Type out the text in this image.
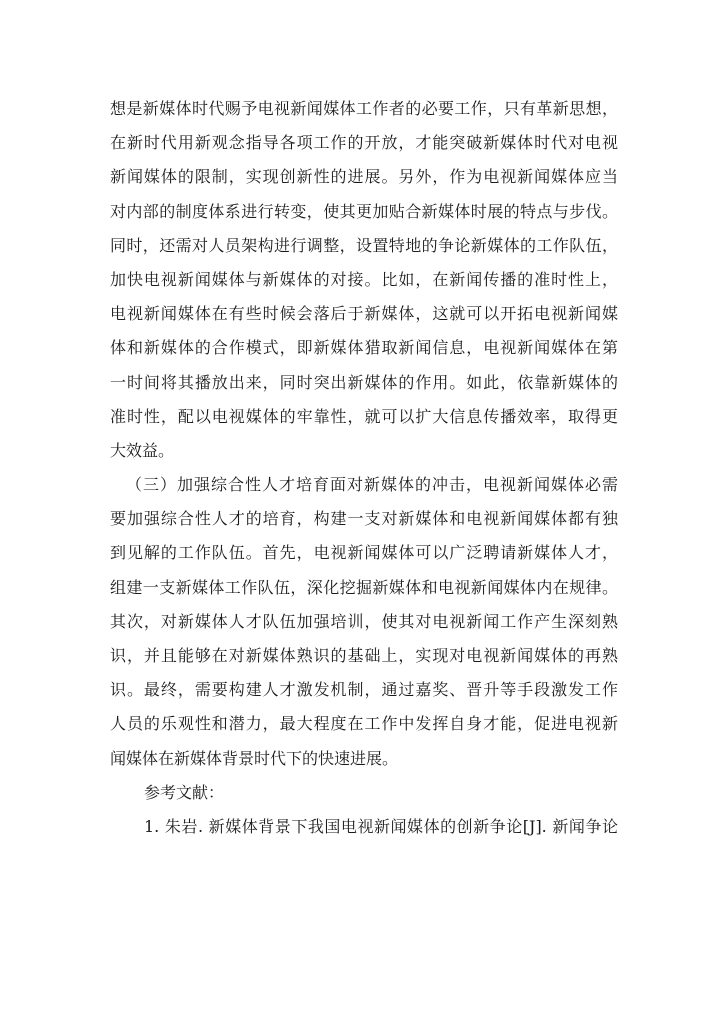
想是新媒体时代赐予电视新闻媒体工作者的必要工作，只有革新思想，
在新时代用新观念指导各项工作的开放，才能突破新媒体时代对电视
新闻媒体的限制，实现创新性的进展。另外，作为电视新闻媒体应当
对内部的制度体系进行转变，使其更加贴合新媒体时展的特点与步伐。
同时，还需对人员架构进行调整，设置特地的争论新媒体的工作队伍，
加快电视新闻媒体与新媒体的对接。比如，在新闻传播的准时性上，
电视新闻媒体在有些时候会落后于新媒体，这就可以开拓电视新闻媒
体和新媒体的合作模式，即新媒体猎取新闻信息，电视新闻媒体在第
一时间将其播放出来，同时突出新媒体的作用。如此，依靠新媒体的
准时性，配以电视媒体的牢靠性，就可以扩大信息传播效率，取得更
大效益。
（三）加强综合性人才培育面对新媒体的冲击，电视新闻媒体必需
要加强综合性人才的培育，构建一支对新媒体和电视新闻媒体都有独
到见解的工作队伍。首先，电视新闻媒体可以广泛聘请新媒体人才，
组建一支新媒体工作队伍，深化挖掘新媒体和电视新闻媒体内在规律。
其次，对新媒体人才队伍加强培训，使其对电视新闻工作产生深刻熟
识，并且能够在对新媒体熟识的基础上，实现对电视新闻媒体的再熟
识。最终，需要构建人才激发机制，通过嘉奖、晋升等手段激发工作
人员的乐观性和潜力，最大程度在工作中发挥自身才能，促进电视新
闻媒体在新媒体背景时代下的快速进展。
参考文献：
1. 朱岩. 新媒体背景下我国电视新闻媒体的创新争论[J]. 新闻争论
